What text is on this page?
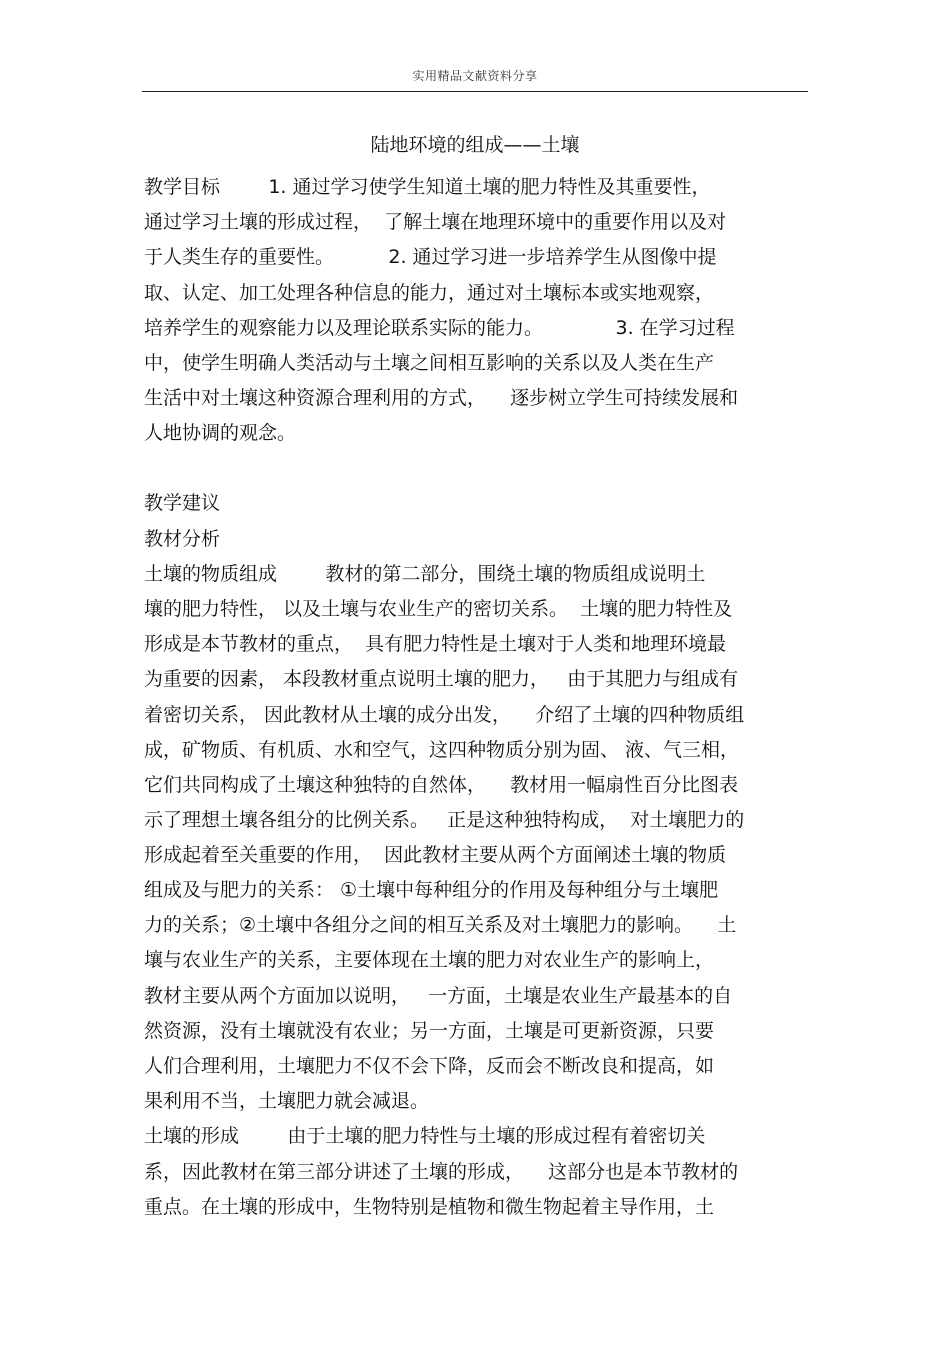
实用精品文献资料分享
陆地环境的组成——土壤
教学目标        1. 通过学习使学生知道土壤的肥力特性及其重要性，
通过学习土壤的形成过程，  了解土壤在地理环境中的重要作用以及对
于人类生存的重要性。         2. 通过学习进一步培养学生从图像中提
取、认定、加工处理各种信息的能力，通过对土壤标本或实地观察，
培养学生的观察能力以及理论联系实际的能力。            3. 在学习过程
中，使学生明确人类活动与土壤之间相互影响的关系以及人类在生产
生活中对土壤这种资源合理利用的方式，    逐步树立学生可持续发展和
人地协调的观念。
教学建议
教材分析
土壤的物质组成        教材的第二部分，围绕土壤的物质组成说明土
壤的肥力特性， 以及土壤与农业生产的密切关系。  土壤的肥力特性及
形成是本节教材的重点，  具有肥力特性是土壤对于人类和地理环境最
为重要的因素， 本段教材重点说明土壤的肥力，   由于其肥力与组成有
着密切关系， 因此教材从土壤的成分出发，    介绍了土壤的四种物质组
成，矿物质、有机质、水和空气，这四种物质分别为固、 液、气三相，
它们共同构成了土壤这种独特的自然体，    教材用一幅扇性百分比图表
示了理想土壤各组分的比例关系。   正是这种独特构成，  对土壤肥力的
形成起着至关重要的作用，  因此教材主要从两个方面阐述土壤的物质
组成及与肥力的关系： ①土壤中每种组分的作用及每种组分与土壤肥
力的关系；②土壤中各组分之间的相互关系及对土壤肥力的影响。    土
壤与农业生产的关系，主要体现在土壤的肥力对农业生产的影响上，
教材主要从两个方面加以说明，   一方面，土壤是农业生产最基本的自
然资源，没有土壤就没有农业；另一方面，土壤是可更新资源，只要
人们合理利用，土壤肥力不仅不会下降，反而会不断改良和提高，如
果利用不当，土壤肥力就会减退。
土壤的形成        由于土壤的肥力特性与土壤的形成过程有着密切关
系，因此教材在第三部分讲述了土壤的形成，    这部分也是本节教材的
重点。在土壤的形成中，生物特别是植物和微生物起着主导作用，土
